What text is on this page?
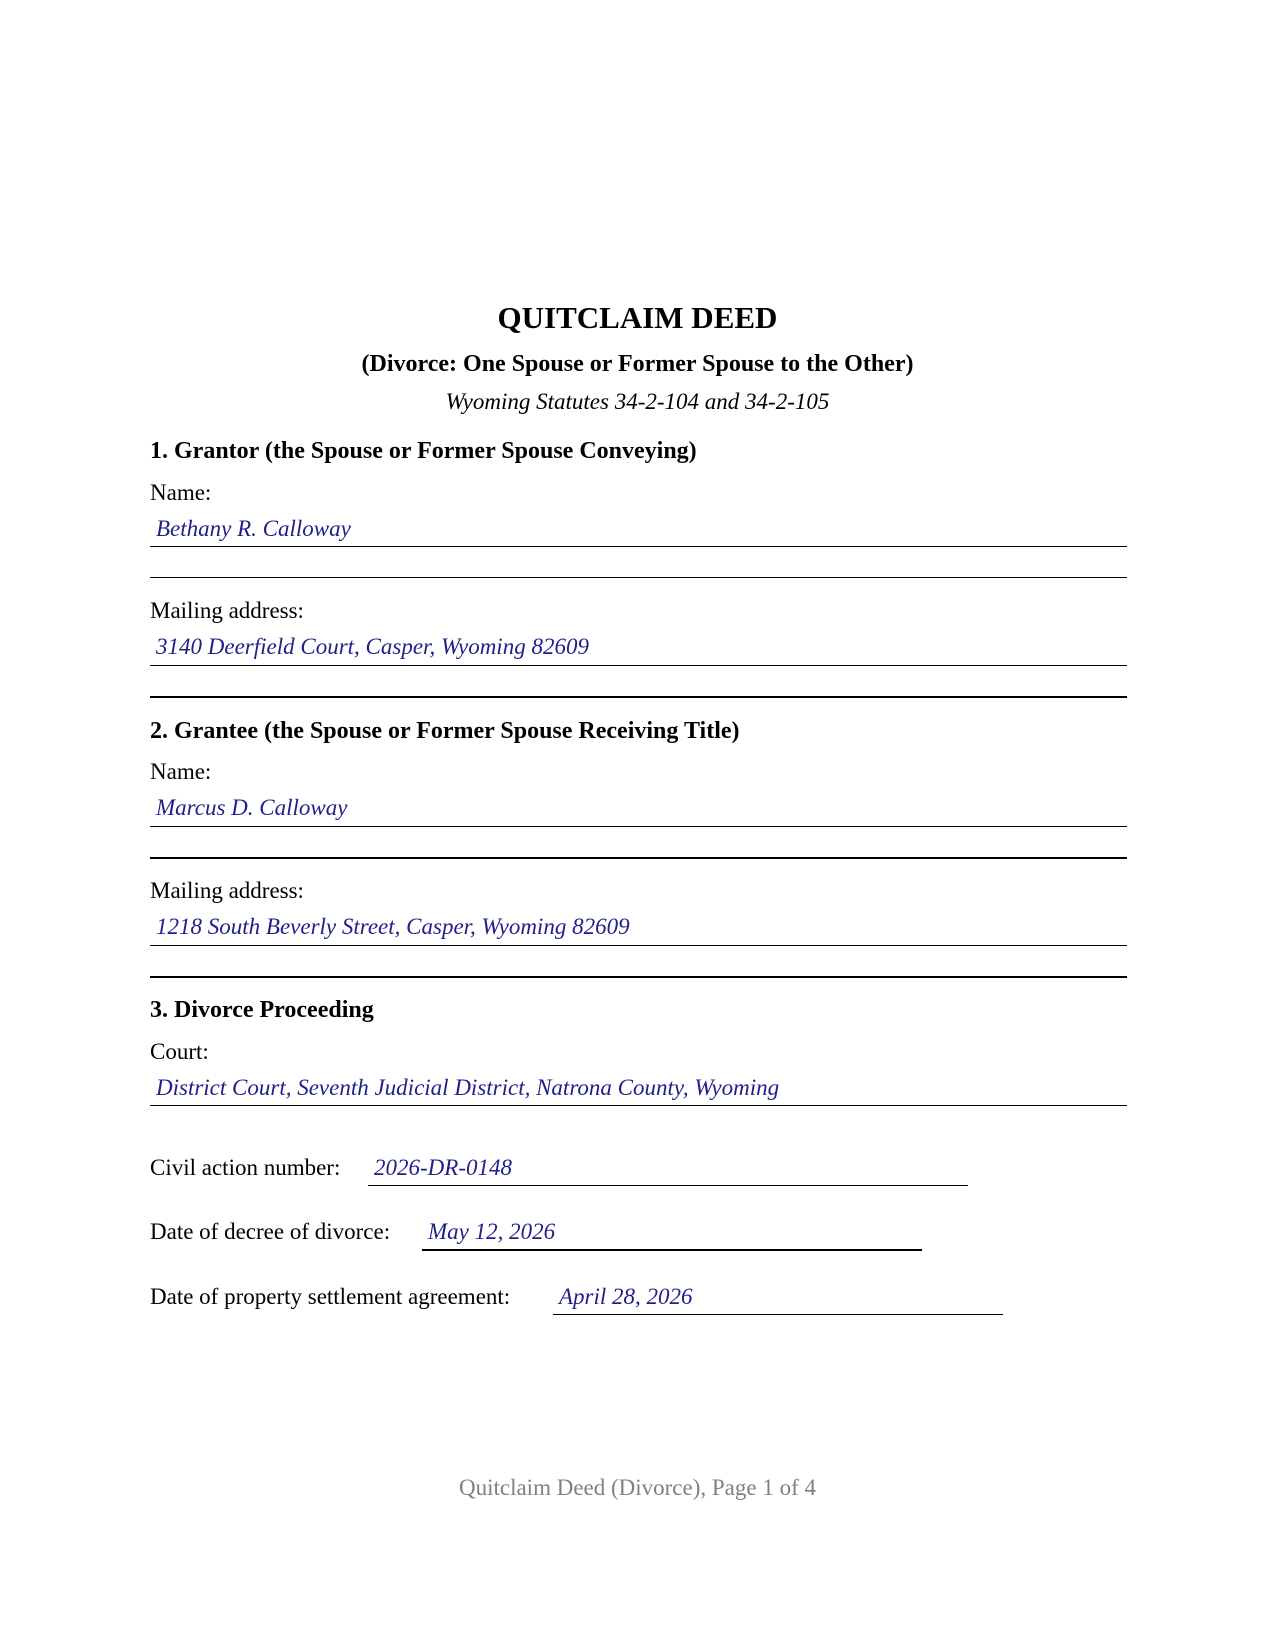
QUITCLAIM DEED
(Divorce: One Spouse or Former Spouse to the Other)
Wyoming Statutes 34-2-104 and 34-2-105
1. Grantor (the Spouse or Former Spouse Conveying)
Name:
Bethany R. Calloway
Mailing address:
3140 Deerfield Court, Casper, Wyoming 82609
2. Grantee (the Spouse or Former Spouse Receiving Title)
Name:
Marcus D. Calloway
Mailing address:
1218 South Beverly Street, Casper, Wyoming 82609
3. Divorce Proceeding
Court:
District Court, Seventh Judicial District, Natrona County, Wyoming
Civil action number: 2026-DR-0148
Date of decree of divorce: May 12, 2026
Date of property settlement agreement: April 28, 2026
Quitclaim Deed (Divorce), Page 1 of 4
